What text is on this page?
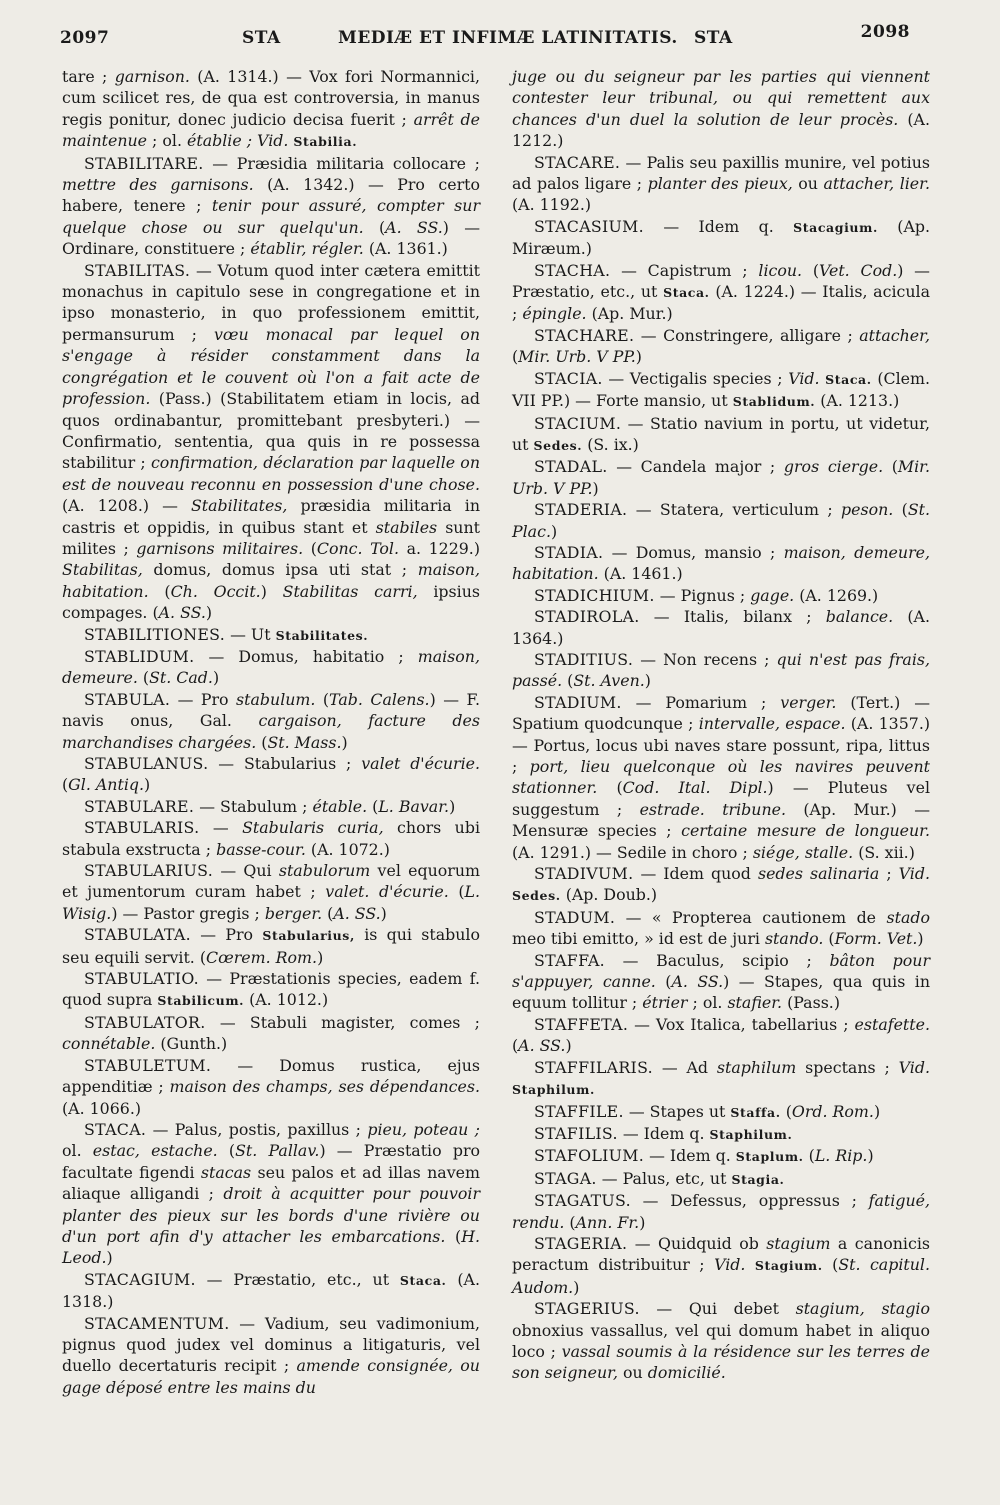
2097	STA	MEDIÆ ET INFIMÆ LATINITATIS. STA	2098

tare ; garnison. (A. 1314.) — Vox fori Normannici, cum scilicet res, de qua est controversia, in manus regis ponitur, donec judicio decisa fuerit ; arrêt de maintenue ; ol. établie ; Vid. Stabilia.

STABILITARE. — Præsidia militaria collocare ; mettre des garnisons. (A. 1342.) — Pro certo habere, tenere ; tenir pour assuré, compter sur quelque chose ou sur quelqu'un. (A. SS.) — Ordinare, constituere ; établir, régler. (A. 1361.)

STABILITAS. — Votum quod inter cætera emittit monachus in capitulo sese in congregatione et in ipso monasterio, in quo professionem emittit, permansurum ; vœu monacal par lequel on s'engage à résider constamment dans la congrégation et le couvent où l'on a fait acte de profession. (Pass.) (Stabilitatem etiam in locis, ad quos ordinabantur, promittebant presbyteri.) — Confirmatio, sententia, qua quis in re possessa stabilitur ; confirmation, déclaration par laquelle on est de nouveau reconnu en possession d'une chose. (A. 1208.) — Stabilitates, præsidia militaria in castris et oppidis, in quibus stant et stabiles sunt milites ; garnisons militaires. (Conc. Tol. a. 1229.) Stabilitas, domus, domus ipsa uti stat ; maison, habitation. (Ch. Occit.) Stabilitas carri, ipsius compages. (A. SS.)

STABILITIONES. — Ut Stabilitates.

STABLIDUM. — Domus, habitatio ; maison, demeure. (St. Cad.)

STABULA. — Pro stabulum. (Tab. Calens.) — F. navis onus, Gal. cargaison, facture des marchandises chargées. (St. Mass.)

STABULANUS. — Stabularius ; valet d'écurie. (Gl. Antiq.)

STABULARE. — Stabulum ; étable. (L. Bavar.)

STABULARIS. — Stabularis curia, chors ubi stabula exstructa ; basse-cour. (A. 1072.)

STABULARIUS. — Qui stabulorum vel equorum et jumentorum curam habet ; valet. d'écurie. (L. Wisig.) — Pastor gregis ; berger. (A. SS.)

STABULATA. — Pro Stabularius, is qui stabulo seu equili servit. (Cœrem. Rom.)

STABULATIO. — Præstationis species, eadem f. quod supra Stabilicum. (A. 1012.)

STABULATOR. — Stabuli magister, comes ; connétable. (Gunth.)

STABULETUM. — Domus rustica, ejus appenditiæ ; maison des champs, ses dépendances. (A. 1066.)

STACA. — Palus, postis, paxillus ; pieu, poteau ; ol. estac, estache. (St. Pallav.) — Præstatio pro facultate figendi stacas seu palos et ad illas navem aliaque alligandi ; droit à acquitter pour pouvoir planter des pieux sur les bords d'une rivière ou d'un port afin d'y attacher les embarcations. (H. Leod.)

STACAGIUM. — Præstatio, etc., ut Staca. (A. 1318.)

STACAMENTUM. — Vadium, seu vadimonium, pignus quod judex vel dominus a litigaturis, vel duello decertaturis recipit ; amende consignée, ou gage déposé entre les mains du

juge ou du seigneur par les parties qui viennent contester leur tribunal, ou qui remettent aux chances d'un duel la solution de leur procès. (A. 1212.)

STACARE. — Palis seu paxillis munire, vel potius ad palos ligare ; planter des pieux, ou attacher, lier. (A. 1192.)

STACASIUM. — Idem q. Stacagium. (Ap. Miræum.)

STACHA. — Capistrum ; licou. (Vet. Cod.) — Præstatio, etc., ut Staca. (A. 1224.) — Italis, acicula ; épingle. (Ap. Mur.)

STACHARE. — Constringere, alligare ; attacher, (Mir. Urb. V PP.)

STACIA. — Vectigalis species ; Vid. Staca. (Clem. VII PP.) — Forte mansio, ut Stablidum. (A. 1213.)

STACIUM. — Statio navium in portu, ut videtur, ut Sedes. (S. ix.)

STADAL. — Candela major ; gros cierge. (Mir. Urb. V PP.)

STADERIA. — Statera, verticulum ; peson. (St. Plac.)

STADIA. — Domus, mansio ; maison, demeure, habitation. (A. 1461.)

STADICHIUM. — Pignus ; gage. (A. 1269.)

STADIROLA. — Italis, bilanx ; balance. (A. 1364.)

STADITIUS. — Non recens ; qui n'est pas frais, passé. (St. Aven.)

STADIUM. — Pomarium ; verger. (Tert.) — Spatium quodcunque ; intervalle, espace. (A. 1357.) — Portus, locus ubi naves stare possunt, ripa, littus ; port, lieu quelconque où les navires peuvent stationner. (Cod. Ital. Dipl.) — Pluteus vel suggestum ; estrade. tribune. (Ap. Mur.) — Mensuræ species ; certaine mesure de longueur. (A. 1291.) — Sedile in choro ; siége, stalle. (S. xii.)

STADIVUM. — Idem quod sedes salinaria ; Vid. Sedes. (Ap. Doub.)

STADUM. — « Propterea cautionem de stado meo tibi emitto, » id est de juri stando. (Form. Vet.)

STAFFA. — Baculus, scipio ; bâton pour s'appuyer, canne. (A. SS.) — Stapes, qua quis in equum tollitur ; étrier ; ol. stafier. (Pass.)

STAFFETA. — Vox Italica, tabellarius ; estafette. (A. SS.)

STAFFILARIS. — Ad staphilum spectans ; Vid. Staphilum.

STAFFILE. — Stapes ut Staffa. (Ord. Rom.)

STAFILIS. — Idem q. Staphilum.

STAFOLIUM. — Idem q. Staplum. (L. Rip.)

STAGA. — Palus, etc, ut Stagia.

STAGATUS. — Defessus, oppressus ; fatigué, rendu. (Ann. Fr.)

STAGERIA. — Quidquid ob stagium a canonicis peractum distribuitur ; Vid. Stagium. (St. capitul. Audom.)

STAGERIUS. — Qui debet stagium, stagio obnoxius vassallus, vel qui domum habet in aliquo loco ; vassal soumis à la résidence sur les terres de son seigneur, ou domicilié.
